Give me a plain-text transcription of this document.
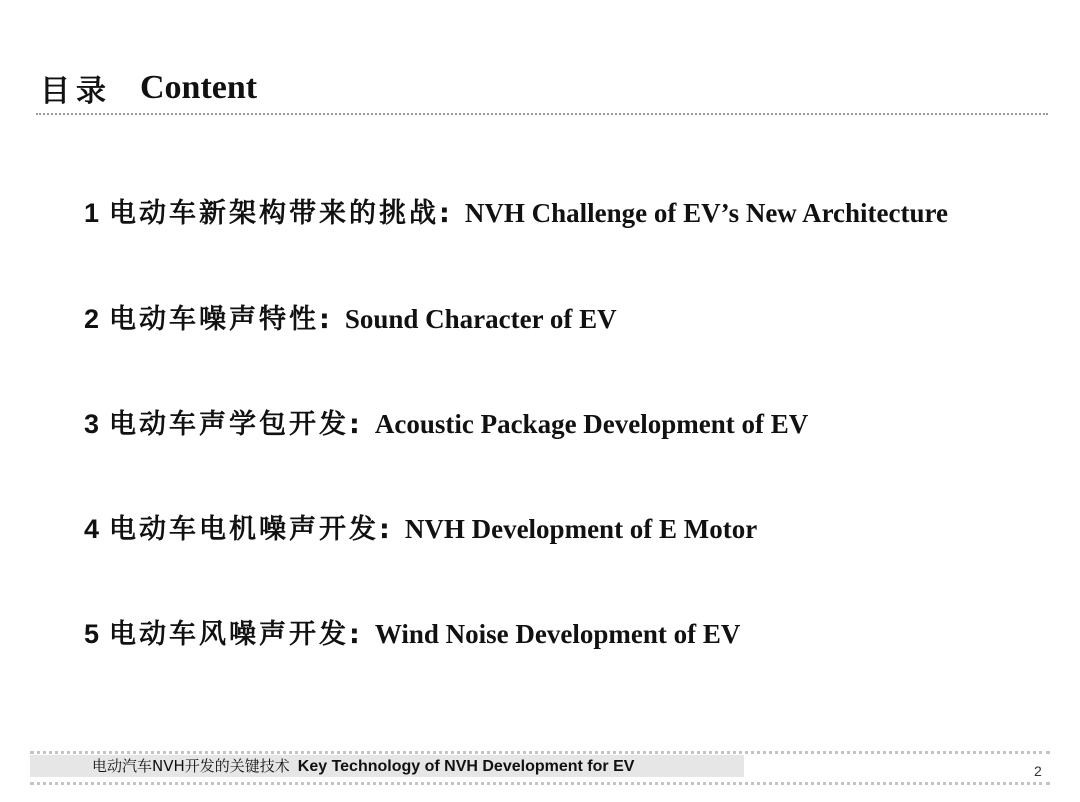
目录 Content
1 电动车新架构带来的挑战: NVH Challenge of EV’s New Architecture
2 电动车噪声特性: Sound Character of EV
3 电动车声学包开发: Acoustic Package Development of EV
4 电动车电机噪声开发: NVH Development of E Motor
5 电动车风噪声开发: Wind Noise Development of EV
电动汽车NVH开发的关键技术 Key Technology of NVH Development for EV	2
